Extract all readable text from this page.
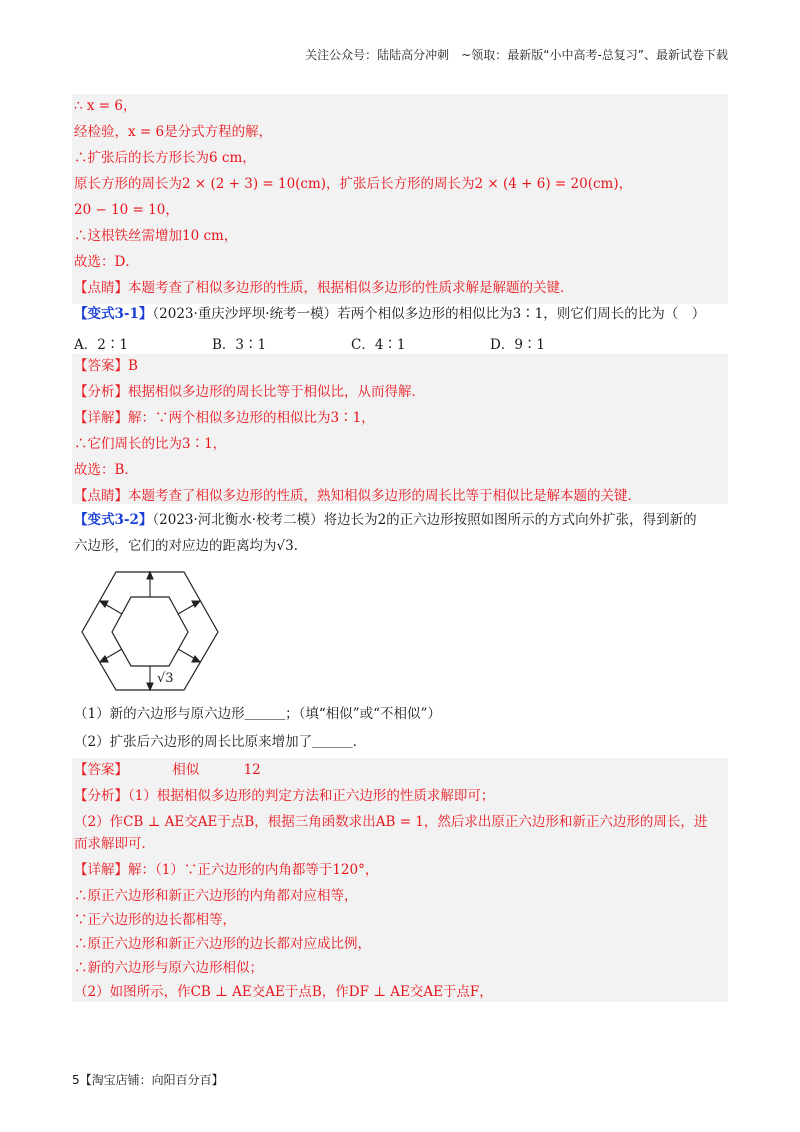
关注公众号：陆陆高分冲刺　~领取：最新版“小中高考-总复习”、最新试卷下载
∴ x = 6，
经检验，x = 6是分式方程的解，
∴扩张后的长方形长为6 cm，
原长方形的周长为2 × (2 + 3) = 10(cm)，扩张后长方形的周长为2 × (4 + 6) = 20(cm)，
20 − 10 = 10，
∴这根铁丝需增加10 cm，
故选：D．
【点睛】本题考查了相似多边形的性质，根据相似多边形的性质求解是解题的关键．
【变式3-1】（2023·重庆沙坪坝·统考一模）若两个相似多边形的相似比为3∶1，则它们周长的比为（　）
A．2∶1	B．3∶1	C．4∶1	D．9∶1
【答案】B
【分析】根据相似多边形的周长比等于相似比，从而得解．
【详解】解：∵两个相似多边形的相似比为3∶1，
∴它们周长的比为3∶1，
故选：B．
【点睛】本题考查了相似多边形的性质，熟知相似多边形的周长比等于相似比是解本题的关键．
【变式3-2】（2023·河北衡水·校考二模）将边长为2的正六边形按照如图所示的方式向外扩张，得到新的
六边形，它们的对应边的距离均为√3．
√3
（1）新的六边形与原六边形＿＿＿；（填“相似”或“不相似”）
（2）扩张后六边形的周长比原来增加了＿＿＿．
【答案】	相似	12
【分析】（1）根据相似多边形的判定方法和正六边形的性质求解即可；
（2）作CB ⊥ AE交AE于点B，根据三角函数求出AB = 1，然后求出原正六边形和新正六边形的周长，进
而求解即可．
【详解】解：（1）∵正六边形的内角都等于120°，
∴原正六边形和新正六边形的内角都对应相等，
∵正六边形的边长都相等，
∴原正六边形和新正六边形的边长都对应成比例，
∴新的六边形与原六边形相似；
（2）如图所示，作CB ⊥ AE交AE于点B，作DF ⊥ AE交AE于点F，
5【淘宝店铺：向阳百分百】
